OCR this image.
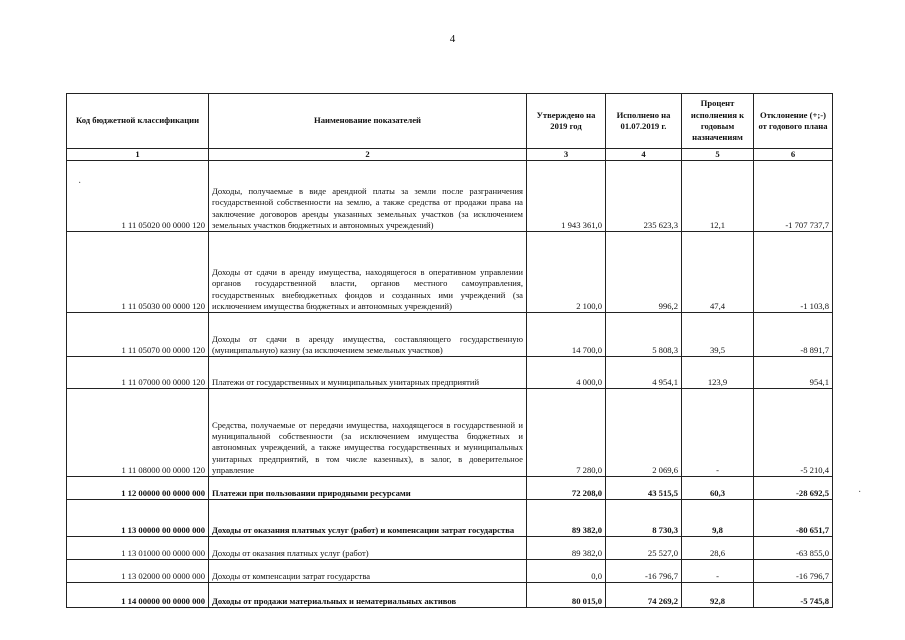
4
Код бюджетной классификации	Наименование показателей	Утверждено на 2019 год	Исполнено на 01.07.2019 г.	Процент исполнения к годовым назначениям	Отклонение (+;-) от годового плана
1	2	3	4	5	6
1 11 05020 00 0000 120	Доходы, получаемые в виде арендной платы за земли после разграничения государственной собственности на землю, а также средства от продажи права на заключение договоров аренды указанных земельных участков (за исключением земельных участков бюджетных и автономных учреждений)	1 943 361,0	235 623,3	12,1	-1 707 737,7
1 11 05030 00 0000 120	Доходы от сдачи в аренду имущества, находящегося в оперативном управлении органов государственной власти, органов местного самоуправления, государственных внебюджетных фондов и созданных ими учреждений (за исключением имущества бюджетных и автономных учреждений)	2 100,0	996,2	47,4	-1 103,8
1 11 05070 00 0000 120	Доходы от сдачи в аренду имущества, составляющего государственную (муниципальную) казну (за исключением земельных участков)	14 700,0	5 808,3	39,5	-8 891,7
1 11 07000 00 0000 120	Платежи от государственных и муниципальных унитарных предприятий	4 000,0	4 954,1	123,9	954,1
1 11 08000 00 0000 120	Средства, получаемые от передачи имущества, находящегося в государственной и муниципальной собственности (за исключением имущества бюджетных и автономных учреждений, а также имущества государственных и муниципальных унитарных предприятий, в том числе казенных), в залог, в доверительное управление	7 280,0	2 069,6	-	-5 210,4
1 12 00000 00 0000 000	Платежи при пользовании природными ресурсами	72 208,0	43 515,5	60,3	-28 692,5
1 13 00000 00 0000 000	Доходы от оказания платных услуг (работ) и компенсации затрат государства	89 382,0	8 730,3	9,8	-80 651,7
1 13 01000 00 0000 000	Доходы от оказания платных услуг (работ)	89 382,0	25 527,0	28,6	-63 855,0
1 13 02000 00 0000 000	Доходы от компенсации затрат государства	0,0	-16 796,7	-	-16 796,7
1 14 00000 00 0000 000	Доходы от продажи материальных и нематериальных активов	80 015,0	74 269,2	92,8	-5 745,8
·
·
